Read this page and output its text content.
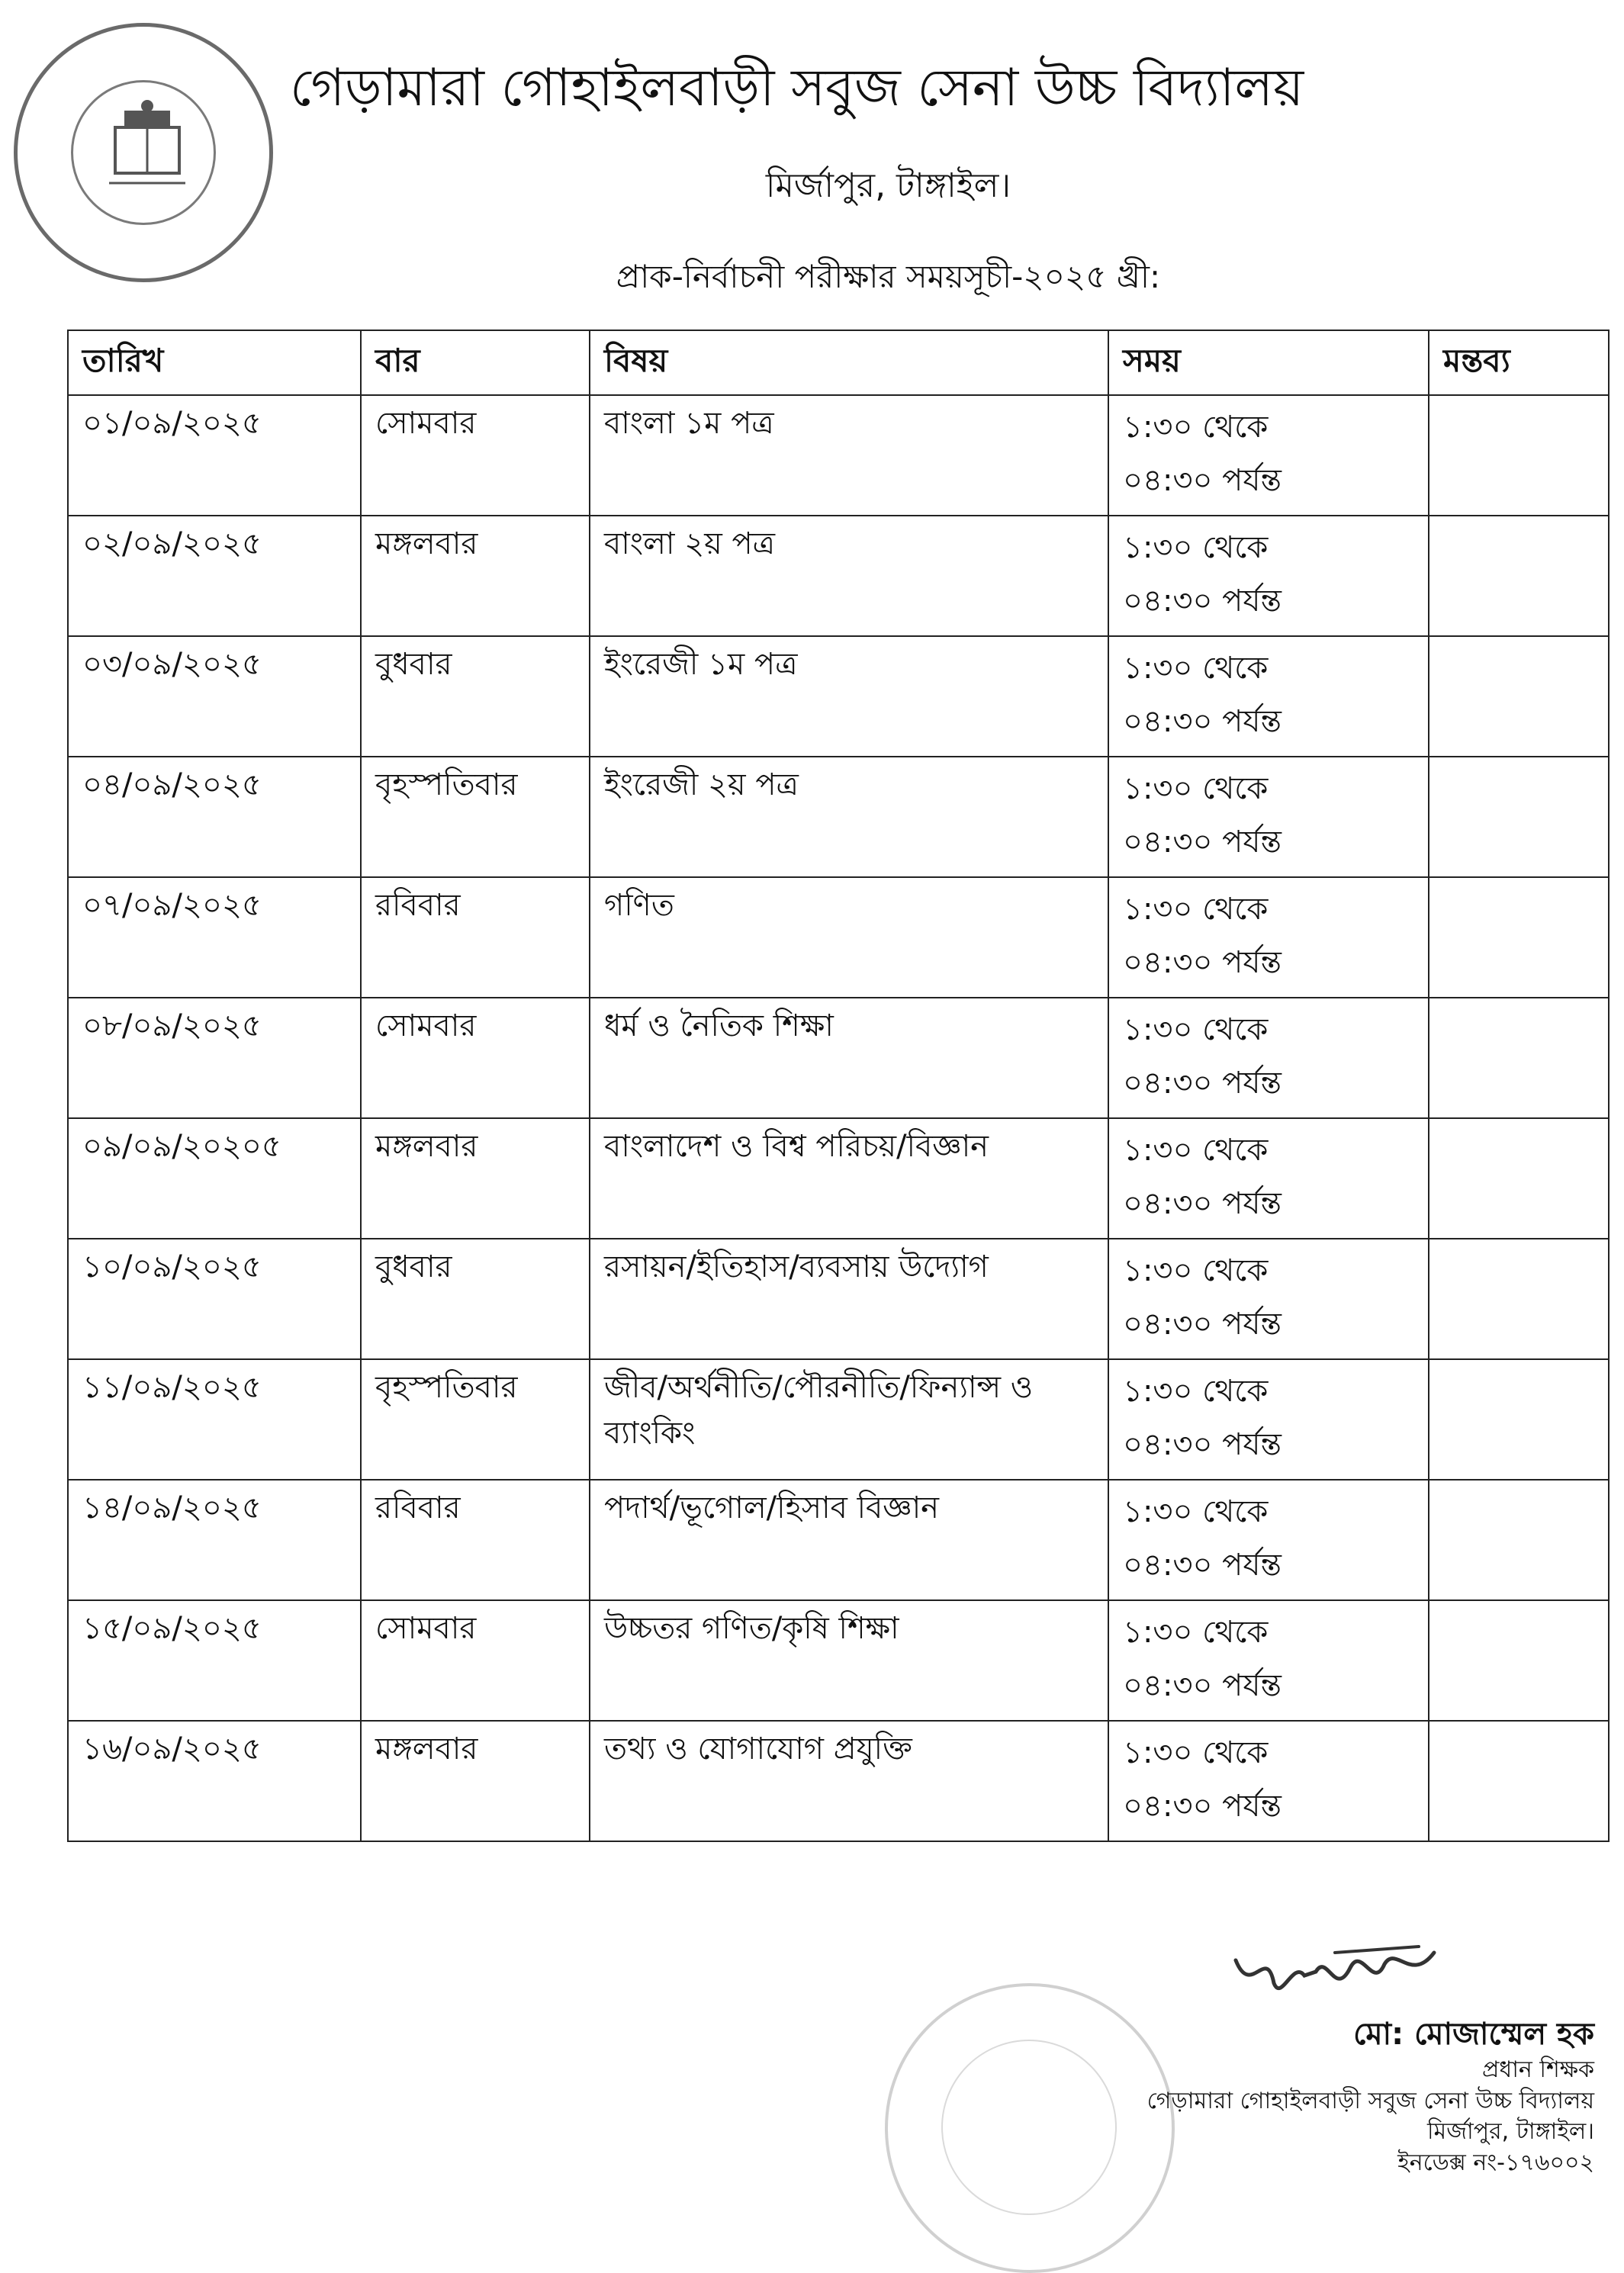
গেড়ামারা গোহাইলবাড়ী সবুজ সেনা উচ্চ বিদ্যালয়
মির্জাপুর, টাঙ্গাইল।
প্রাক-নির্বাচনী পরীক্ষার সময়সূচী-২০২৫ খ্রী:
তারিখ	বার	বিষয়	সময়	মন্তব্য

০১/০৯/২০২৫	সোমবার	বাংলা ১ম পত্র	১:৩০ থেকে
০৪:৩০ পর্যন্ত	

০২/০৯/২০২৫	মঙ্গলবার	বাংলা ২য় পত্র	১:৩০ থেকে
০৪:৩০ পর্যন্ত	

০৩/০৯/২০২৫	বুধবার	ইংরেজী ১ম পত্র	১:৩০ থেকে
০৪:৩০ পর্যন্ত	

০৪/০৯/২০২৫	বৃহস্পতিবার	ইংরেজী ২য় পত্র	১:৩০ থেকে
০৪:৩০ পর্যন্ত	

০৭/০৯/২০২৫	রবিবার	গণিত	১:৩০ থেকে
০৪:৩০ পর্যন্ত	

০৮/০৯/২০২৫	সোমবার	ধর্ম ও নৈতিক শিক্ষা	১:৩০ থেকে
০৪:৩০ পর্যন্ত	

০৯/০৯/২০২০৫	মঙ্গলবার	বাংলাদেশ ও বিশ্ব পরিচয়/বিজ্ঞান	১:৩০ থেকে
০৪:৩০ পর্যন্ত	

১০/০৯/২০২৫	বুধবার	রসায়ন/ইতিহাস/ব্যবসায় উদ্যোগ	১:৩০ থেকে
০৪:৩০ পর্যন্ত	

১১/০৯/২০২৫	বৃহস্পতিবার	জীব/অর্থনীতি/পৌরনীতি/ফিন্যান্স ও ব্যাংকিং	১:৩০ থেকে
০৪:৩০ পর্যন্ত	

১৪/০৯/২০২৫	রবিবার	পদার্থ/ভূগোল/হিসাব বিজ্ঞান	১:৩০ থেকে
০৪:৩০ পর্যন্ত	

১৫/০৯/২০২৫	সোমবার	উচ্চতর গণিত/কৃষি শিক্ষা	১:৩০ থেকে
০৪:৩০ পর্যন্ত	

১৬/০৯/২০২৫	মঙ্গলবার	তথ্য ও যোগাযোগ প্রযুক্তি	১:৩০ থেকে
০৪:৩০ পর্যন্ত	

মো: মোজাম্মেল হক
প্রধান শিক্ষক
গেড়ামারা গোহাইলবাড়ী সবুজ সেনা উচ্চ বিদ্যালয়
মির্জাপুর, টাঙ্গাইল।
ইনডেক্স নং-১৭৬০০২
